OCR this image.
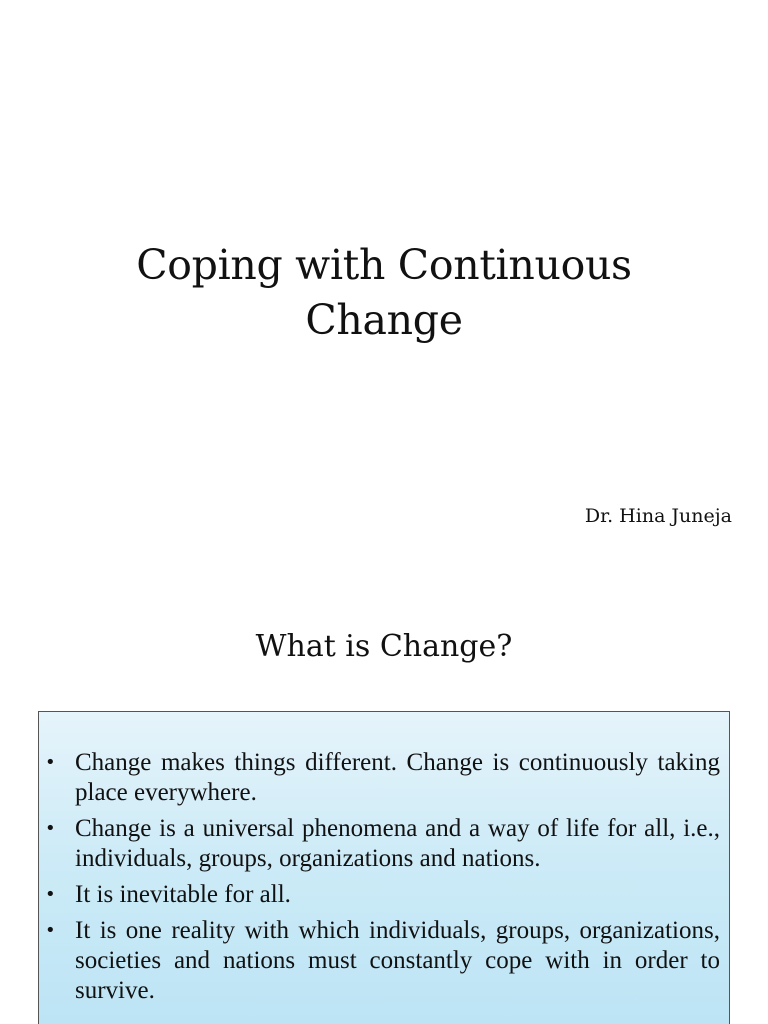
Coping with Continuous
Change
Dr. Hina Juneja
What is Change?
• Change makes things different. Change is continuously taking place everywhere.
• Change is a universal phenomena and a way of life for all, i.e., individuals, groups, organizations and nations.
• It is inevitable for all.
• It is one reality with which individuals, groups, organizations, societies and nations must constantly cope with in order to survive.
